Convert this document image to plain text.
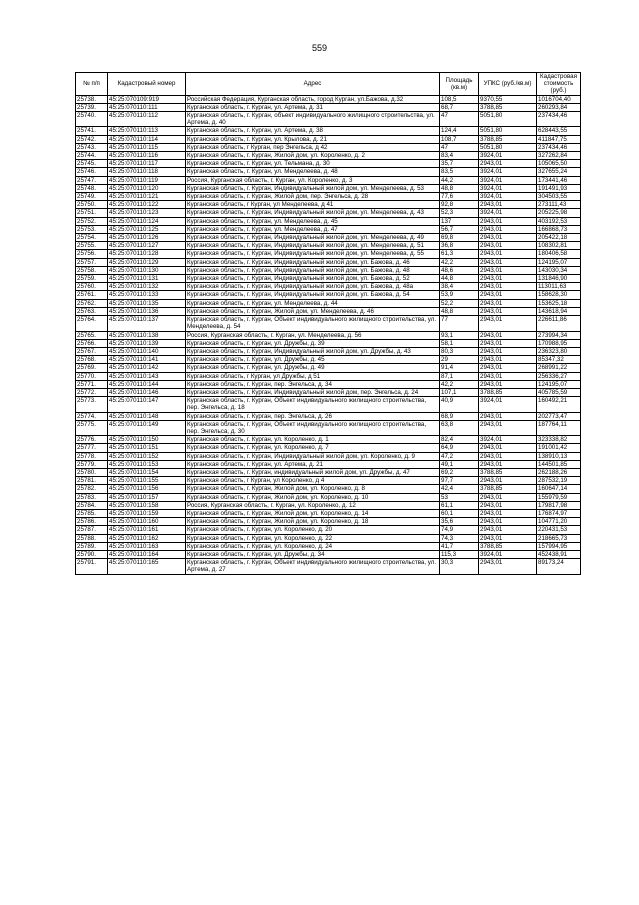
559
№ п/п	Кадастровый номер	Адрес	Площадь (кв.м)	УПКС (руб./кв.м)	Кадастровая стоимость (руб.)
25738.	45:25:070109:919	Российская Федерация, Курганская область, город Курган, ул.Бажова, д.32	108,5	9370,55	1016704,40
25739.	45:25:070110:111	Курганская область, г. Курган, ул. Артема, д. 31	68,7	3788,85	260293,84
25740.	45:25:070110:112	Курганская область, г. Курган, объект индивидуального жилищного строительства, ул. Артема, д. 40	47	5051,80	237434,46
25741.	45:25:070110:113	Курганская область, г. Курган, ул. Артема, д. 38	124,4	5051,80	628443,55
25742.	45:25:070110:114	Курганская область, г. Курган, ул. Крылова, д. 21	108,7	3788,85	411847,75
25743.	45:25:070110:115	Курганская область, г Курган, пер Энгельса, д 42	47	5051,80	237434,46
25744.	45:25:070110:116	Курганская область, г. Курган, Жилой дом, ул. Короленко, д. 2	83,4	3924,01	327262,84
25745.	45:25:070110:117	Курганская область, г. Курган, ул. Тельмана, д. 30	35,7	2943,01	105065,50
25746.	45:25:070110:118	Курганская область, г. Курган, ул. Менделеева, д. 48	83,5	3924,01	327655,24
25747.	45:25:070110:119	Россия, Курганская область, г. Курган, ул. Короленко, д. 3	44,2	3924,01	173441,46
25748.	45:25:070110:120	Курганская область, г. Курган, Индивидуальный жилой дом, ул. Менделеева, д. 53	48,8	3924,01	191491,93
25749.	45:25:070110:121	Курганская область, г. Курган, Жилой дом, пер. Энгельса, д. 28	77,6	3924,01	304503,55
25750.	45:25:070110:122	Курганская область, г Курган, ул Менделеева, д 41	92,8	2943,01	273111,43
25751.	45:25:070110:123	Курганская область, г. Курган, Индивидуальный жилой дом, ул. Менделеева, д. 43	52,3	3924,01	205225,98
25752.	45:25:070110:124	Курганская область, г. Курган, ул. Менделеева, д. 45	137	2943,01	403192,53
25753.	45:25:070110:125	Курганская область, г. Курган, ул. Менделеева, д. 47	56,7	2943,01	166868,73
25754.	45:25:070110:126	Курганская область, г. Курган, Индивидуальный жилой дом, ул. Менделеева, д. 49	69,8	2943,01	205422,18
25755.	45:25:070110:127	Курганская область, г. Курган, Индивидуальный жилой дом, ул. Менделеева, д. 51	36,8	2943,01	108302,81
25756.	45:25:070110:128	Курганская область, г. Курган, Индивидуальный жилой дом, ул. Менделеева, д. 55	61,3	2943,01	180406,58
25757.	45:25:070110:129	Курганская область, г. Курган, Индивидуальный жилой дом, ул. Бажова, д. 46	42,2	2943,01	124195,07
25758.	45:25:070110:130	Курганская область, г. Курган, Индивидуальный жилой дом, ул. Бажова, д. 48	48,6	2943,01	143030,34
25759.	45:25:070110:131	Курганская область, г. Курган, Индивидуальный жилой дом, ул. Бажова, д. 52	44,8	2943,01	131846,90
25760.	45:25:070110:132	Курганская область, г. Курган, Индивидуальный жилой дом, ул. Бажова, д. 48а	38,4	2943,01	113011,63
25761.	45:25:070110:133	Курганская область, г. Курган, Индивидуальный жилой дом, ул. Бажова, д. 54	53,9	2943,01	158628,30
25762.	45:25:070110:135	Курганская область, г. Курган, ул. Менделеева, д. 44	52,2	2943,01	153625,18
25763.	45:25:070110:136	Курганская область, г. Курган, Жилой дом, ул. Менделеева, д. 46	48,8	2943,01	143618,94
25764.	45:25:070110:137	Курганская область, г. Курган, Объект индивидуального жилищного строительства, ул. Менделеева, д. 54	77	2943,01	226611,86
25765.	45:25:070110:138	Россия, Курганская область, г. Курган, ул. Менделеева, д. 56	93,1	2943,01	273994,34
25766.	45:25:070110:139	Курганская область, г. Курган, ул. Дружбы, д. 39	58,1	2943,01	170988,95
25767.	45:25:070110:140	Курганская область, г. Курган, Индивидуальный жилой дом, ул. Дружбы, д. 43	80,3	2943,01	236323,80
25768.	45:25:070110:141	Курганская область, г. Курган, ул. Дружбы, д. 45	29	2943,01	85347,32
25769.	45:25:070110:142	Курганская область, г. Курган, ул. Дружбы, д. 49	91,4	2943,01	268991,22
25770.	45:25:070110:143	Курганская область, г Курган, ул Дружбы, д 51	87,1	2943,01	256336,27
25771.	45:25:070110:144	Курганская область, г. Курган, пер. Энгельса, д. 34	42,2	2943,01	124195,07
25772.	45:25:070110:146	Курганская область, г. Курган, Индивидуальный жилой дом, пер. Энгельса, д. 24	107,1	3788,85	405785,59
25773.	45:25:070110:147	Курганская область, г. Курган, Объект индивидуального жилищного строительства, пер. Энгельса, д. 18	40,9	3924,01	160492,21
25774.	45:25:070110:148	Курганская область, г. Курган, пер. Энгельса, д. 26	68,9	2943,01	202773,47
25775.	45:25:070110:149	Курганская область, г. Курган, Объект индивидуального жилищного строительства, пер. Энгельса, д. 30	63,8	2943,01	187764,11
25776.	45:25:070110:150	Курганская область, г. Курган, ул. Короленко, д. 1	82,4	3924,01	323338,82
25777.	45:25:070110:151	Курганская область, г. Курган, ул. Короленко, д. 7	64,9	2943,01	191001,42
25778.	45:25:070110:152	Курганская область, г. Курган, Индивидуальный жилой дом, ул. Короленко, д. 9	47,2	2943,01	138910,13
25779.	45:25:070110:153	Курганская область, г. Курган, ул. Артема, д. 21	49,1	2943,01	144501,85
25780.	45:25:070110:154	Курганская область, г. Курган, индивидуальный жилой дом, ул. Дружбы, д. 47	69,2	3788,85	262188,26
25781.	45:25:070110:155	Курганская область, г Курган, ул Короленко, д 4	97,7	2943,01	287532,19
25782.	45:25:070110:156	Курганская область, г. Курган, Жилой дом, ул. Короленко, д. 8	42,4	3788,85	160647,14
25783.	45:25:070110:157	Курганская область, г. Курган, Жилой дом, ул. Короленко, д. 10	53	2943,01	155979,59
25784.	45:25:070110:158	Россия, Курганская область, г. Курган, ул. Короленко, д. 12	61,1	2943,01	179817,98
25785.	45:25:070110:159	Курганская область, г. Курган, Жилой дом, ул. Короленко, д. 14	60,1	2943,01	176874,97
25786.	45:25:070110:160	Курганская область, г. Курган, Жилой дом, ул. Короленко, д. 18	35,6	2943,01	104771,20
25787.	45:25:070110:161	Курганская область, г. Курган, ул. Короленко, д. 20	74,9	2943,01	220431,53
25788.	45:25:070110:162	Курганская область, г. Курган, ул. Короленко, д. 22	74,3	2943,01	218665,73
25789.	45:25:070110:163	Курганская область, г. Курган, ул. Короленко, д. 24	41,7	3788,85	157994,95
25790.	45:25:070110:164	Курганская область, г. Курган, ул. Дружбы, д. 34	115,3	3924,01	452438,91
25791.	45:25:070110:165	Курганская область, г. Курган, Объект индивидуального жилищного строительства, ул. Артема, д. 27	30,3	2943,01	89173,24
